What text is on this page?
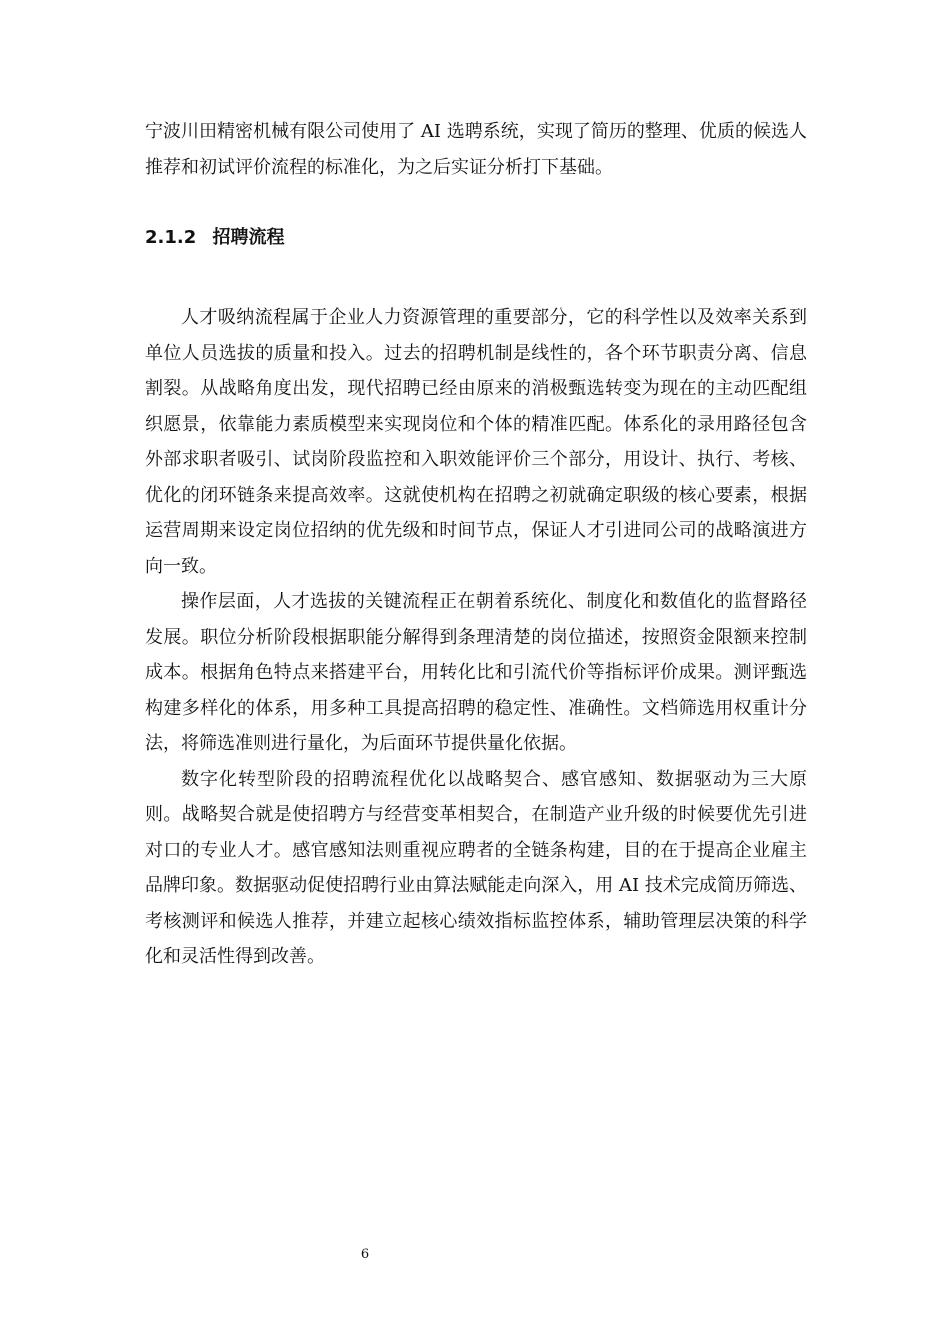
宁波川田精密机械有限公司使用了 AI 选聘系统，实现了简历的整理、优质的候选人推荐和初试评价流程的标准化，为之后实证分析打下基础。

2.1.2 招聘流程

人才吸纳流程属于企业人力资源管理的重要部分，它的科学性以及效率关系到单位人员选拔的质量和投入。过去的招聘机制是线性的，各个环节职责分离、信息割裂。从战略角度出发，现代招聘已经由原来的消极甄选转变为现在的主动匹配组织愿景，依靠能力素质模型来实现岗位和个体的精准匹配。体系化的录用路径包含外部求职者吸引、试岗阶段监控和入职效能评价三个部分，用设计、执行、考核、优化的闭环链条来提高效率。这就使机构在招聘之初就确定职级的核心要素，根据运营周期来设定岗位招纳的优先级和时间节点，保证人才引进同公司的战略演进方向一致。

操作层面，人才选拔的关键流程正在朝着系统化、制度化和数值化的监督路径发展。职位分析阶段根据职能分解得到条理清楚的岗位描述，按照资金限额来控制成本。根据角色特点来搭建平台，用转化比和引流代价等指标评价成果。测评甄选构建多样化的体系，用多种工具提高招聘的稳定性、准确性。文档筛选用权重计分法，将筛选准则进行量化，为后面环节提供量化依据。

数字化转型阶段的招聘流程优化以战略契合、感官感知、数据驱动为三大原则。战略契合就是使招聘方与经营变革相契合，在制造产业升级的时候要优先引进对口的专业人才。感官感知法则重视应聘者的全链条构建，目的在于提高企业雇主品牌印象。数据驱动促使招聘行业由算法赋能走向深入，用 AI 技术完成简历筛选、考核测评和候选人推荐，并建立起核心绩效指标监控体系，辅助管理层决策的科学化和灵活性得到改善。

6
